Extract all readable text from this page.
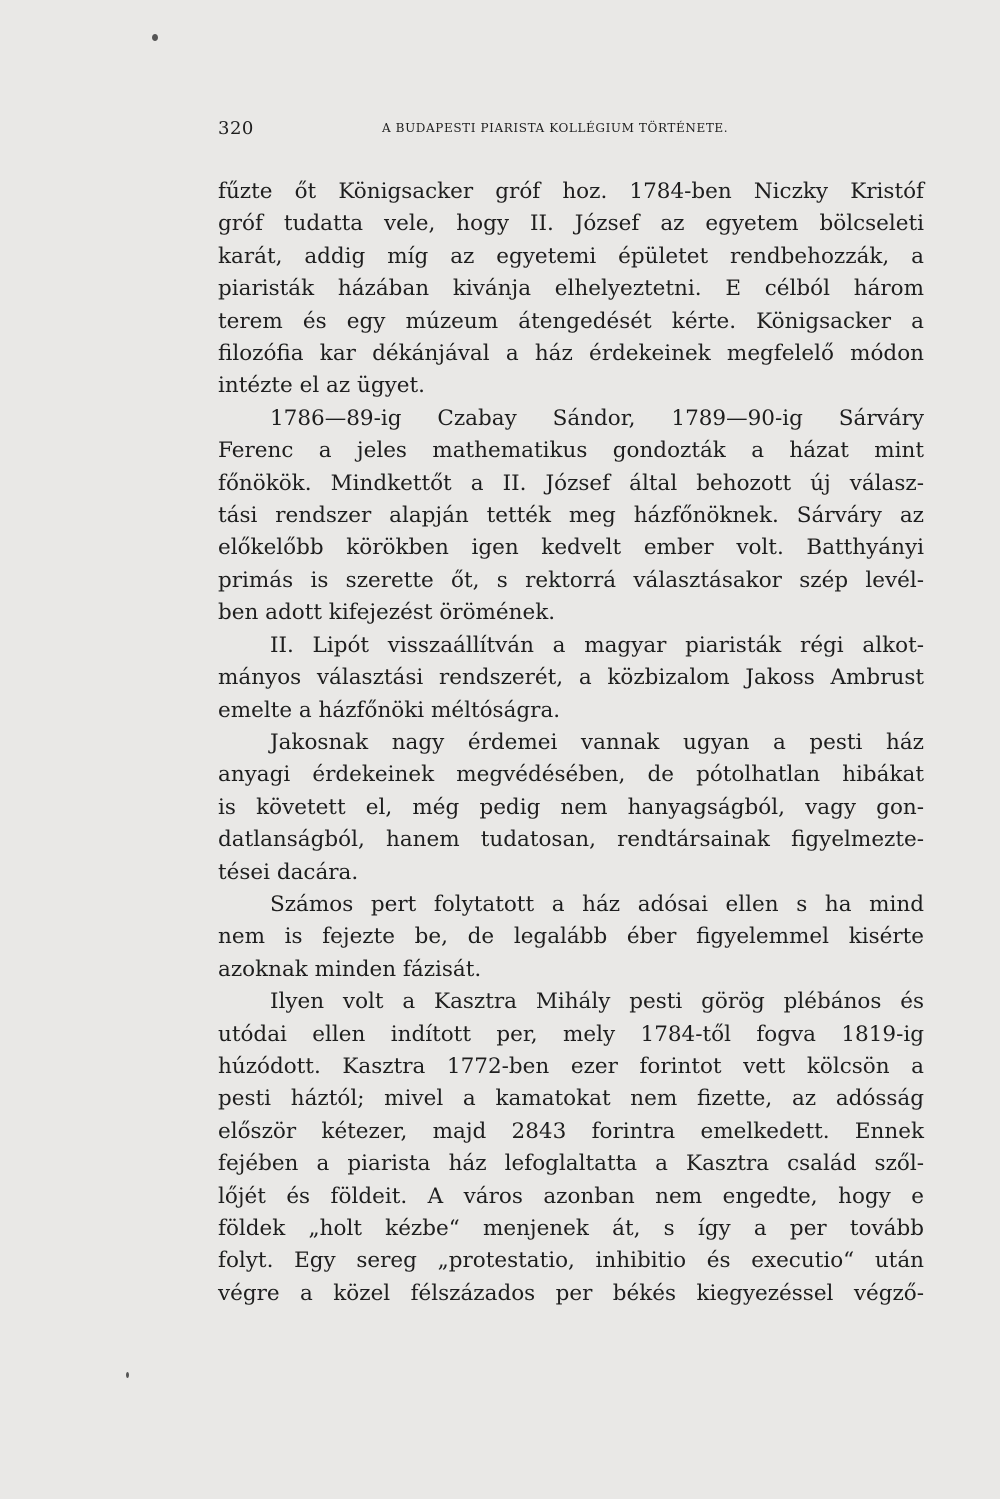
320	A BUDAPESTI PIARISTA KOLLÉGIUM TÖRTÉNETE.

fűzte őt Königsacker gróf hoz. 1784-ben Niczky Kristóf
gróf tudatta vele, hogy II. József az egyetem bölcseleti
karát, addig míg az egyetemi épületet rendbehozzák, a
piaristák házában kivánja elhelyeztetni. E célból három
terem és egy múzeum átengedését kérte. Königsacker a
filozófia kar dékánjával a ház érdekeinek megfelelő módon
intézte el az ügyet.

1786—89-ig Czabay Sándor, 1789—90-ig Sárváry
Ferenc a jeles mathematikus gondozták a házat mint
főnökök. Mindkettőt a II. József által behozott új válasz-
tási rendszer alapján tették meg házfőnöknek. Sárváry az
előkelőbb körökben igen kedvelt ember volt. Batthyányi
primás is szerette őt, s rektorrá választásakor szép levél-
ben adott kifejezést örömének.

II. Lipót visszaállítván a magyar piaristák régi alkot-
mányos választási rendszerét, a közbizalom Jakoss Ambrust
emelte a házfőnöki méltóságra.

Jakosnak nagy érdemei vannak ugyan a pesti ház
anyagi érdekeinek megvédésében, de pótolhatlan hibákat
is követett el, még pedig nem hanyagságból, vagy gon-
datlanságból, hanem tudatosan, rendtársainak figyelmezte-
tései dacára.

Számos pert folytatott a ház adósai ellen s ha mind
nem is fejezte be, de legalább éber figyelemmel kisérte
azoknak minden fázisát.

Ilyen volt a Kasztra Mihály pesti görög plébános és
utódai ellen indított per, mely 1784-től fogva 1819-ig
húzódott. Kasztra 1772-ben ezer forintot vett kölcsön a
pesti háztól; mivel a kamatokat nem fizette, az adósság
először kétezer, majd 2843 forintra emelkedett. Ennek
fejében a piarista ház lefoglaltatta a Kasztra család szől-
lőjét és földeit. A város azonban nem engedte, hogy e
földek „holt kézbe“ menjenek át, s így a per tovább
folyt. Egy sereg „protestatio, inhibitio és executio“ után
végre a közel félszázados per békés kiegyezéssel végző-
